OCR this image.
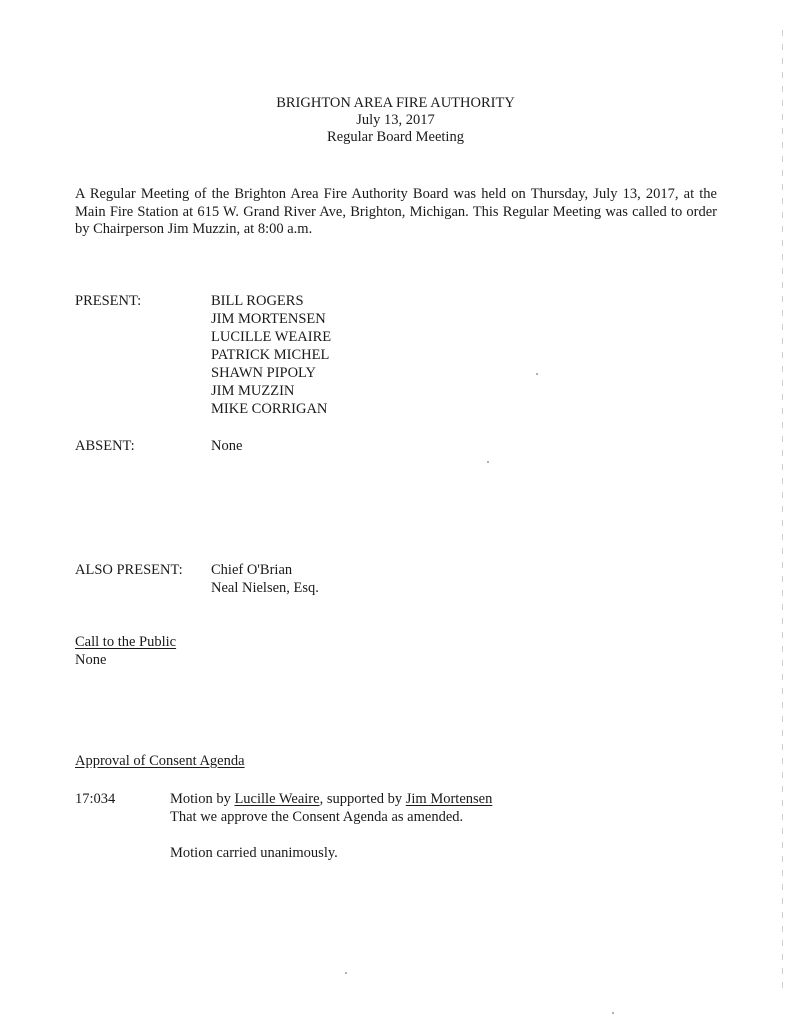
BRIGHTON AREA FIRE AUTHORITY
July 13, 2017
Regular Board Meeting
A Regular Meeting of the Brighton Area Fire Authority Board was held on Thursday, July 13, 2017, at the Main Fire Station at 615 W. Grand River Ave, Brighton, Michigan. This Regular Meeting was called to order by Chairperson Jim Muzzin, at 8:00 a.m.
PRESENT:	BILL ROGERS
JIM MORTENSEN
LUCILLE WEAIRE
PATRICK MICHEL
SHAWN PIPOLY
JIM MUZZIN
MIKE CORRIGAN
ABSENT:	None
ALSO PRESENT: Chief O'Brian
Neal Nielsen, Esq.
Call to the Public
None
Approval of Consent Agenda
17:034	Motion by Lucille Weaire, supported by Jim Mortensen
That we approve the Consent Agenda as amended.
Motion carried unanimously.
